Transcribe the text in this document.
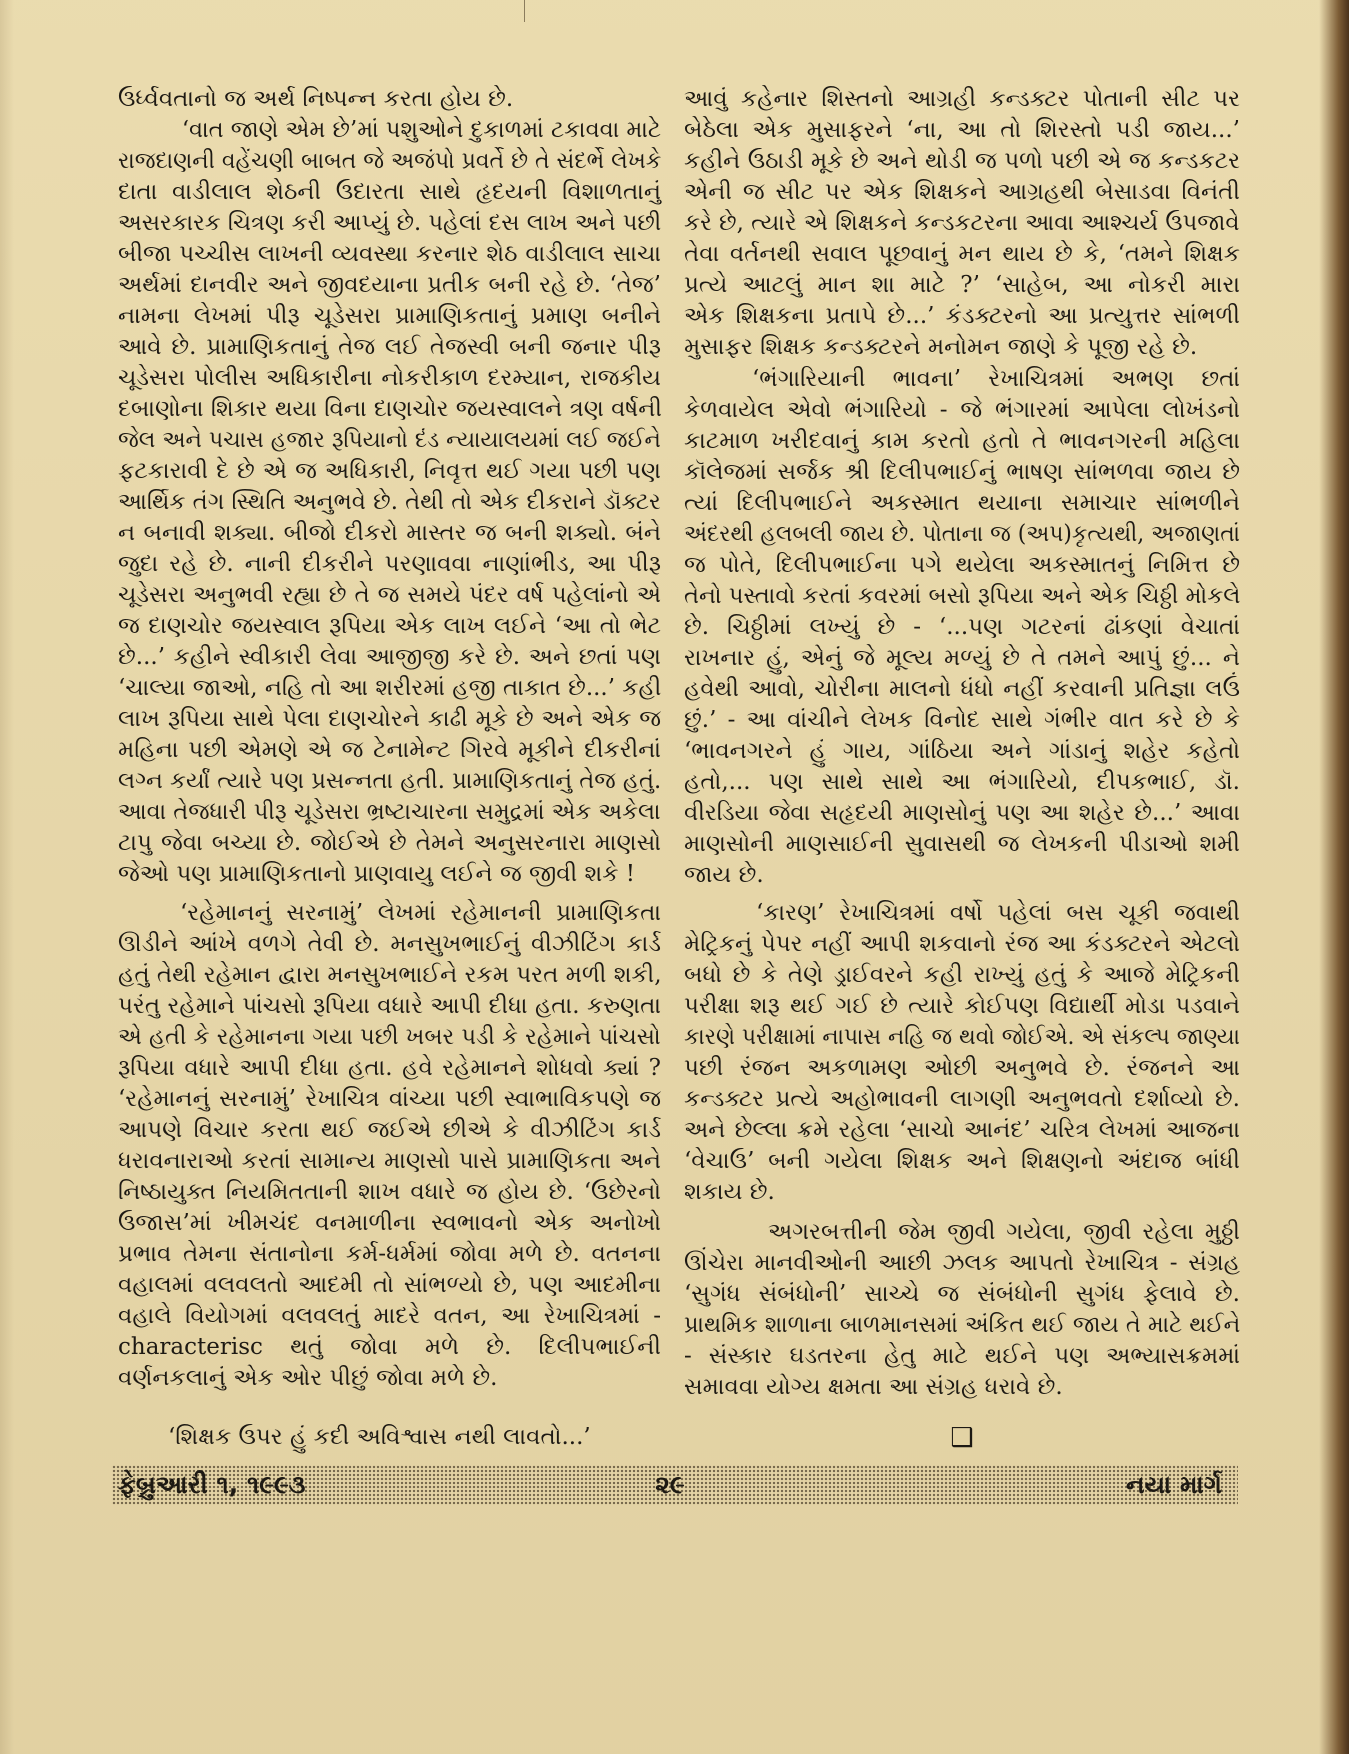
ઉર્ધ્વવતાનો જ અર્થ નિષ્પન્ન કરતા હોય છે.
‘વાત જાણે એમ છે’માં પશુઓને દુકાળમાં ટકાવવા માટે
રાજદાણની વહેંચણી બાબત જે અજંપો પ્રવર્તે છે તે સંદર્ભે લેખકે
દાતા વાડીલાલ શેઠની ઉદારતા સાથે હૃદયની વિશાળતાનું
અસરકારક ચિત્રણ કરી આપ્યું છે. પહેલાં દસ લાખ અને પછી
બીજા પચ્ચીસ લાખની વ્યવસ્થા કરનાર શેઠ વાડીલાલ સાચા
અર્થમાં દાનવીર અને જીવદયાના પ્રતીક બની રહે છે. ‘તેજ’
નામના લેખમાં પીરૂ ચૂડેસરા પ્રામાણિકતાનું પ્રમાણ બનીને
આવે છે. પ્રામાણિકતાનું તેજ લઈ તેજસ્વી બની જનાર પીરૂ
ચૂડેસરા પોલીસ અધિકારીના નોકરીકાળ દરમ્યાન, રાજકીય
દબાણોના શિકાર થયા વિના દાણચોર જયસ્વાલને ત્રણ વર્ષની
જેલ અને પચાસ હજાર રૂપિયાનો દંડ ન્યાયાલયમાં લઈ જઈને
ફટકારાવી દે છે એ જ અધિકારી, નિવૃત્ત થઈ ગયા પછી પણ
આર્થિક તંગ સ્થિતિ અનુભવે છે. તેથી તો એક દીકરાને ડૉક્ટર
ન બનાવી શક્યા. બીજો દીકરો માસ્તર જ બની શક્યો. બંને
જુદા રહે છે. નાની દીકરીને પરણાવવા નાણાંભીડ, આ પીરૂ
ચૂડેસરા અનુભવી રહ્યા છે તે જ સમયે પંદર વર્ષ પહેલાંનો એ
જ દાણચોર જયસ્વાલ રૂપિયા એક લાખ લઈને ‘આ તો ભેટ
છે...’ કહીને સ્વીકારી લેવા આજીજી કરે છે. અને છતાં પણ
‘ચાલ્યા જાઓ, નહિ તો આ શરીરમાં હજી તાકાત છે...’ કહી
લાખ રૂપિયા સાથે પેલા દાણચોરને કાઢી મૂકે છે અને એક જ
મહિના પછી એમણે એ જ ટેનામેન્ટ ગિરવે મૂકીને દીકરીનાં
લગ્ન કર્યાં ત્યારે પણ પ્રસન્નતા હતી. પ્રામાણિકતાનું તેજ હતું.
આવા તેજધારી પીરૂ ચૂડેસરા ભ્રષ્ટાચારના સમુદ્રમાં એક અકેલા
ટાપુ જેવા બચ્યા છે. જોઈએ છે તેમને અનુસરનારા માણસો
જેઓ પણ પ્રામાણિકતાનો પ્રાણવાયુ લઈને જ જીવી શકે !
‘રહેમાનનું સરનામું’ લેખમાં રહેમાનની પ્રામાણિકતા
ઊડીને આંખે વળગે તેવી છે. મનસુખભાઈનું વીઝીટિંગ કાર્ડ
હતું તેથી રહેમાન દ્વારા મનસુખભાઈને રકમ પરત મળી શકી,
પરંતુ રહેમાને પાંચસો રૂપિયા વધારે આપી દીધા હતા. કરુણતા
એ હતી કે રહેમાનના ગયા પછી ખબર પડી કે રહેમાને પાંચસો
રૂપિયા વધારે આપી દીધા હતા. હવે રહેમાનને શોધવો ક્યાં ?
‘રહેમાનનું સરનામું’ રેખાચિત્ર વાંચ્યા પછી સ્વાભાવિકપણે જ
આપણે વિચાર કરતા થઈ જઈએ છીએ કે વીઝીટિંગ કાર્ડ
ધરાવનારાઓ કરતાં સામાન્ય માણસો પાસે પ્રામાણિકતા અને
નિષ્ઠાયુક્ત નિયમિતતાની શાખ વધારે જ હોય છે. ‘ઉછેરનો
ઉજાસ’માં ખીમચંદ વનમાળીના સ્વભાવનો એક અનોખો
પ્રભાવ તેમના સંતાનોના કર્મ-ધર્મમાં જોવા મળે છે. વતનના
વહાલમાં વલવલતો આદમી તો સાંભળ્યો છે, પણ આદમીના
વહાલે વિયોગમાં વલવલતું માદરે વતન, આ રેખાચિત્રમાં -
characterisc થતું જોવા મળે છે. દિલીપભાઈની
વર્ણનકલાનું એક ઓર પીછું જોવા મળે છે.
‘શિક્ષક ઉપર હું કદી અવિશ્વાસ નથી લાવતો...’
આવું કહેનાર શિસ્તનો આગ્રહી કન્ડક્ટર પોતાની સીટ પર
બેઠેલા એક મુસાફરને ‘ના, આ તો શિરસ્તો પડી જાય...’
કહીને ઉઠાડી મૂકે છે અને થોડી જ પળો પછી એ જ કન્ડકટર
એની જ સીટ પર એક શિક્ષકને આગ્રહથી બેસાડવા વિનંતી
કરે છે, ત્યારે એ શિક્ષકને કન્ડકટરના આવા આશ્ચર્ય ઉપજાવે
તેવા વર્તનથી સવાલ પૂછવાનું મન થાય છે કે, ‘તમને શિક્ષક
પ્રત્યે આટલું માન શા માટે ?’ ‘સાહેબ, આ નોકરી મારા
એક શિક્ષકના પ્રતાપે છે...’ કંડક્ટરનો આ પ્રત્યુત્તર સાંભળી
મુસાફર શિક્ષક કન્ડક્ટરને મનોમન જાણે કે પૂજી રહે છે.
‘ભંગારિયાની ભાવના’ રેખાચિત્રમાં અભણ છતાં
કેળવાયેલ એવો ભંગારિયો - જે ભંગારમાં આપેલા લોખંડનો
કાટમાળ ખરીદવાનું કામ કરતો હતો તે ભાવનગરની મહિલા
કૉલેજમાં સર્જક શ્રી દિલીપભાઈનું ભાષણ સાંભળવા જાય છે
ત્યાં દિલીપભાઈને અકસ્માત થયાના સમાચાર સાંભળીને
અંદરથી હલબલી જાય છે. પોતાના જ (અપ)કૃત્યથી, અજાણતાં
જ પોતે, દિલીપભાઈના પગે થયેલા અકસ્માતનું નિમિત્ત છે
તેનો પસ્તાવો કરતાં કવરમાં બસો રૂપિયા અને એક ચિઠ્ઠી મોકલે
છે. ચિઠ્ઠીમાં લખ્યું છે - ‘...પણ ગટરનાં ઢાંકણાં વેચાતાં
રાખનાર હું, એનું જે મૂલ્ય મળ્યું છે તે તમને આપું છું... ને
હવેથી આવો, ચોરીના માલનો ધંધો નહીં કરવાની પ્રતિજ્ઞા લઉં
છું.’ - આ વાંચીને લેખક વિનોદ સાથે ગંભીર વાત કરે છે કે
‘ભાવનગરને હું ગાય, ગાંઠિયા અને ગાંડાનું શહેર કહેતો
હતો,... પણ સાથે સાથે આ ભંગારિયો, દીપકભાઈ, ડૉ.
વીરડિયા જેવા સહૃદયી માણસોનું પણ આ શહેર છે...’ આવા
માણસોની માણસાઈની સુવાસથી જ લેખકની પીડાઓ શમી
જાય છે.
‘કારણ’ રેખાચિત્રમાં વર્ષો પહેલાં બસ ચૂકી જવાથી
મેટ્રિકનું પેપર નહીં આપી શકવાનો રંજ આ કંડક્ટરને એટલો
બધો છે કે તેણે ડ્રાઈવરને કહી રાખ્યું હતું કે આજે મેટ્રિકની
પરીક્ષા શરૂ થઈ ગઈ છે ત્યારે કોઈપણ વિદ્યાર્થી મોડા પડવાને
કારણે પરીક્ષામાં નાપાસ નહિ જ થવો જોઈએ. એ સંકલ્પ જાણ્યા
પછી રંજન અકળામણ ઓછી અનુભવે છે. રંજનને આ
કન્ડક્ટર પ્રત્યે અહોભાવની લાગણી અનુભવતો દર્શાવ્યો છે.
અને છેલ્લા ક્રમે રહેલા ‘સાચો આનંદ’ ચરિત્ર લેખમાં આજના
‘વેચાઉ’ બની ગયેલા શિક્ષક અને શિક્ષણનો અંદાજ બાંધી
શકાય છે.
અગરબત્તીની જેમ જીવી ગયેલા, જીવી રહેલા મુઠ્ઠી
ઊંચેરા માનવીઓની આછી ઝલક આપતો રેખાચિત્ર - સંગ્રહ
‘સુગંધ સંબંધોની’ સાચ્ચે જ સંબંધોની સુગંધ ફેલાવે છે.
પ્રાથમિક શાળાના બાળમાનસમાં અંકિત થઈ જાય તે માટે થઈને
- સંસ્કાર ઘડતરના હેતુ માટે થઈને પણ અભ્યાસક્રમમાં
સમાવવા યોગ્ય ક્ષમતા આ સંગ્રહ ધરાવે છે.
❑
ફેબ્રુઆરી ૧, ૧૯૯૩	૨૯	નયા માર્ગ
